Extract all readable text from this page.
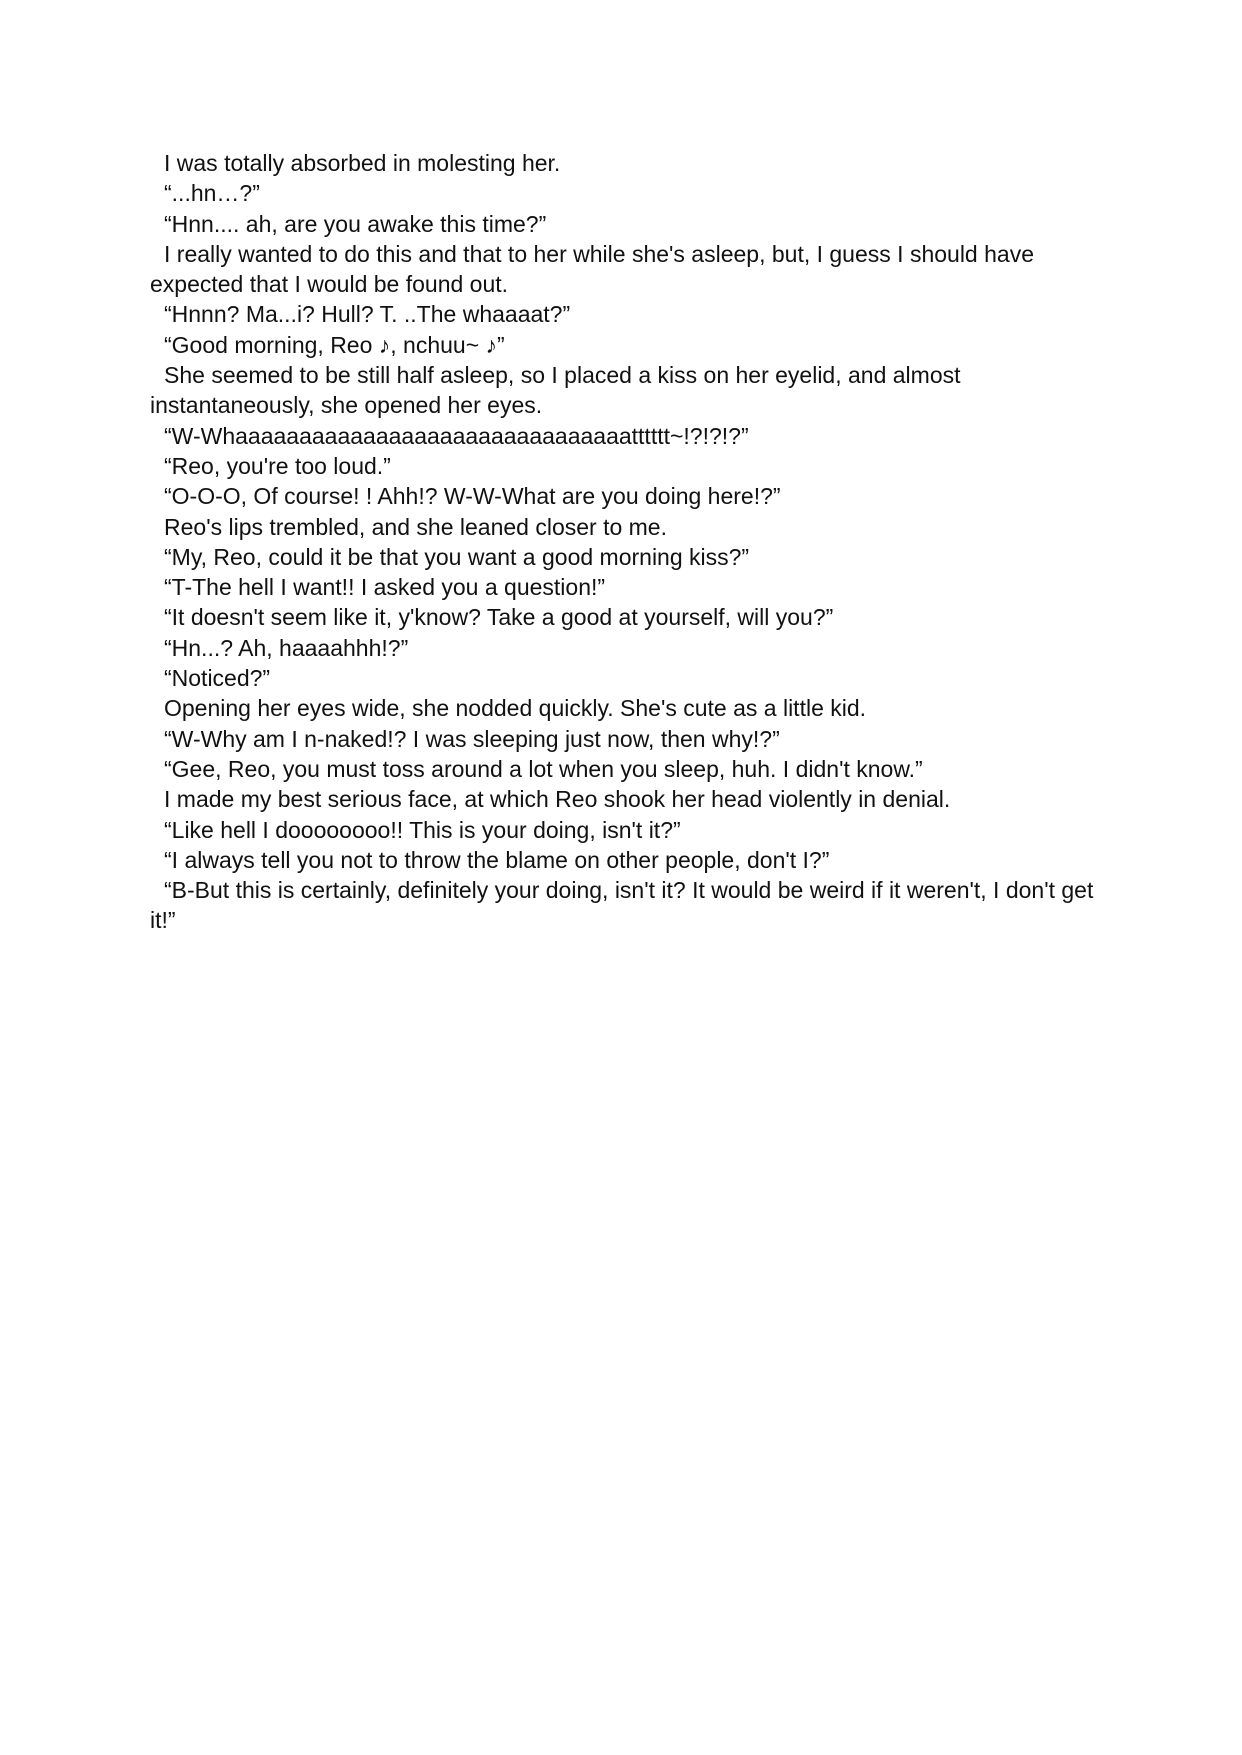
I was totally absorbed in molesting her.

“...hn…?”

“Hnn.... ah, are you awake this time?”

I really wanted to do this and that to her while she's asleep, but, I guess I should have expected that I would be found out.

“Hnnn? Ma...i? Hull? T. ..The whaaaat?”

“Good morning, Reo ♪, nchuu~ ♪”

She seemed to be still half asleep, so I placed a kiss on her eyelid, and almost instantaneously, she opened her eyes.

“W-Whaaaaaaaaaaaaaaaaaaaaaaaaaaaaaaatttttt~!?!?!?”

“Reo, you're too loud.”

“O-O-O, Of course! ! Ahh!? W-W-What are you doing here!?”

Reo's lips trembled, and she leaned closer to me.

“My, Reo, could it be that you want a good morning kiss?”

“T-The hell I want!! I asked you a question!”

“It doesn't seem like it, y'know? Take a good at yourself, will you?”

“Hn...? Ah, haaaahhh!?”

“Noticed?”

Opening her eyes wide, she nodded quickly. She's cute as a little kid.

“W-Why am I n-naked!? I was sleeping just now, then why!?”

“Gee, Reo, you must toss around a lot when you sleep, huh. I didn't know.”

I made my best serious face, at which Reo shook her head violently in denial.

“Like hell I doooooooo!! This is your doing, isn't it?”

“I always tell you not to throw the blame on other people, don't I?”

“B-But this is certainly, definitely your doing, isn't it? It would be weird if it weren't, I don't get it!”
